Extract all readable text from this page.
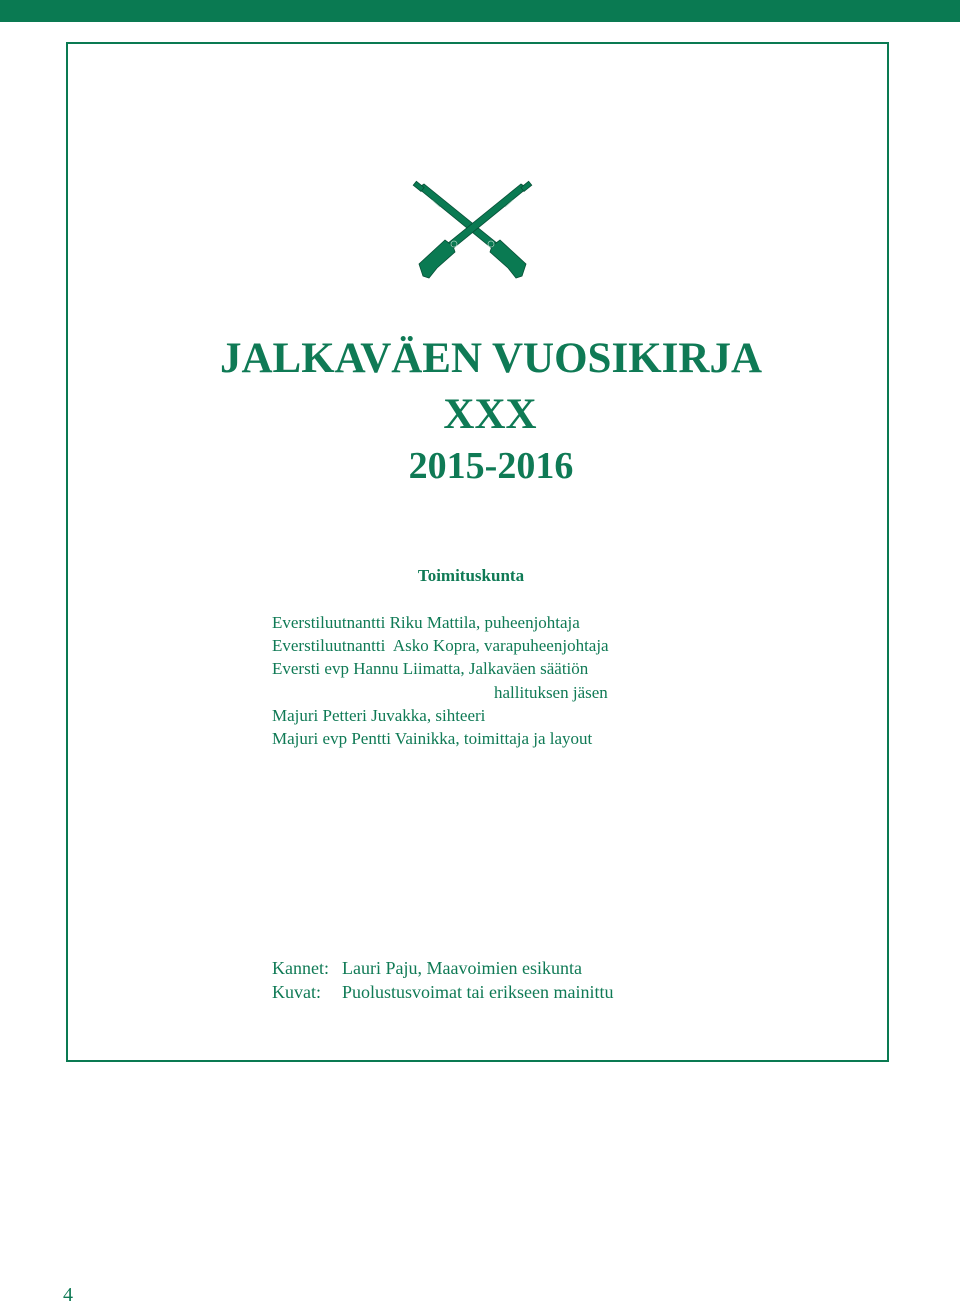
JALKAVÄEN VUOSIKIRJA
XXX
2015-2016
Toimituskunta
Everstiluutnantti Riku Mattila, puheenjohtaja
Everstiluutnantti  Asko Kopra, varapuheenjohtaja
Eversti evp Hannu Liimatta, Jalkaväen säätiön
hallituksen jäsen
Majuri Petteri Juvakka, sihteeri
Majuri evp Pentti Vainikka, toimittaja ja layout
Kannet: Lauri Paju, Maavoimien esikunta
Kuvat: Puolustusvoimat tai erikseen mainittu
4
